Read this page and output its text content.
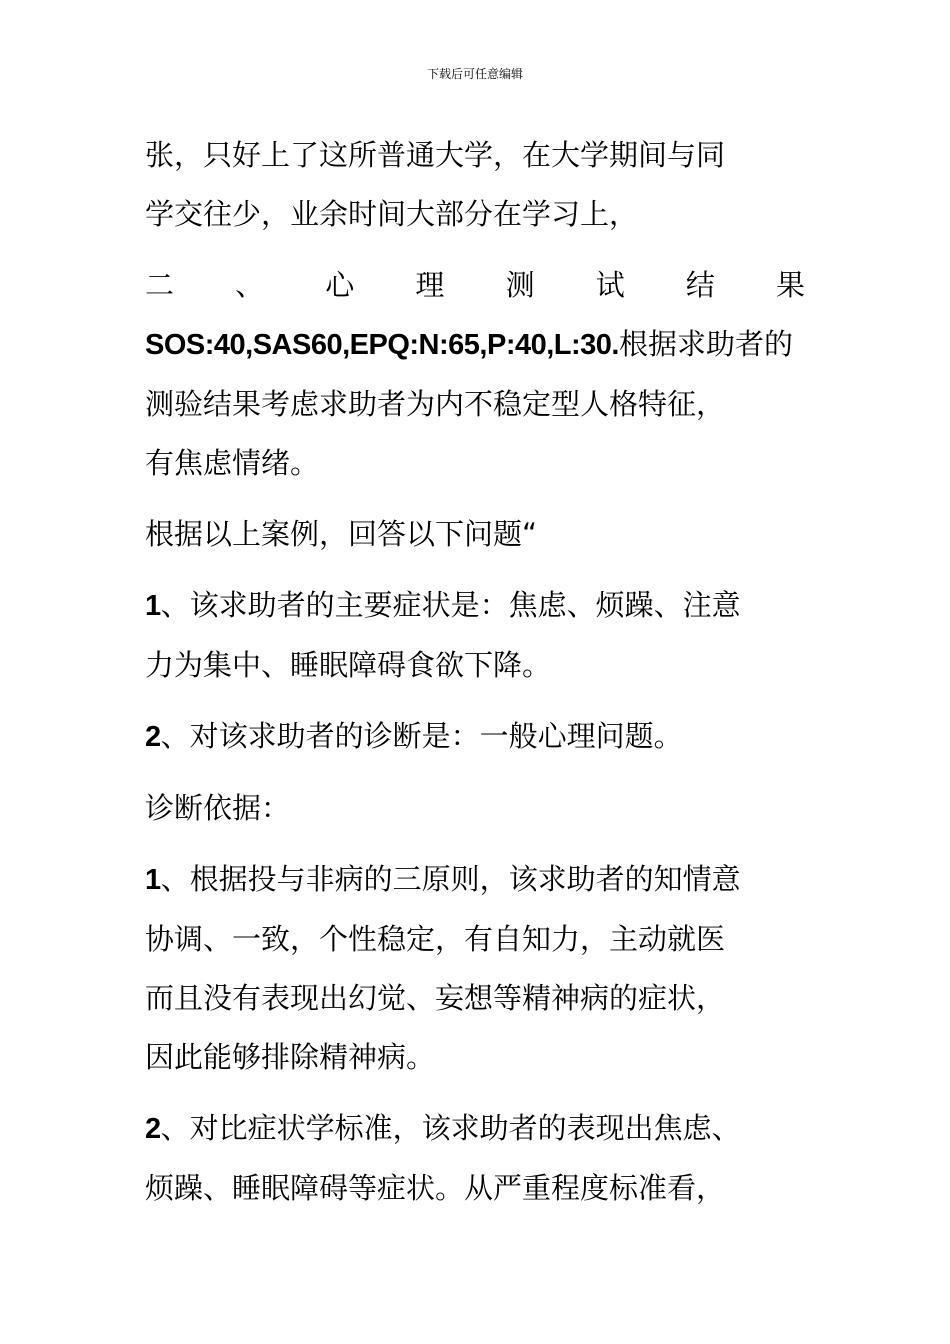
下载后可任意编辑
张，只好上了这所普通大学，在大学期间与同
学交往少，业余时间大部分在学习上，
二 、 心 理 测 试 结 果
SOS:40,SAS60,EPQ:N:65,P:40,L:30.根据求助者的
测验结果考虑求助者为内不稳定型人格特征，
有焦虑情绪。
根据以上案例，回答以下问题“
1、该求助者的主要症状是：焦虑、烦躁、注意
力为集中、睡眠障碍食欲下降。
2、对该求助者的诊断是：一般心理问题。
诊断依据：
1、根据投与非病的三原则，该求助者的知情意
协调、一致，个性稳定，有自知力，主动就医
而且没有表现出幻觉、妄想等精神病的症状，
因此能够排除精神病。
2、对比症状学标准，该求助者的表现出焦虑、
烦躁、睡眠障碍等症状。从严重程度标准看，
